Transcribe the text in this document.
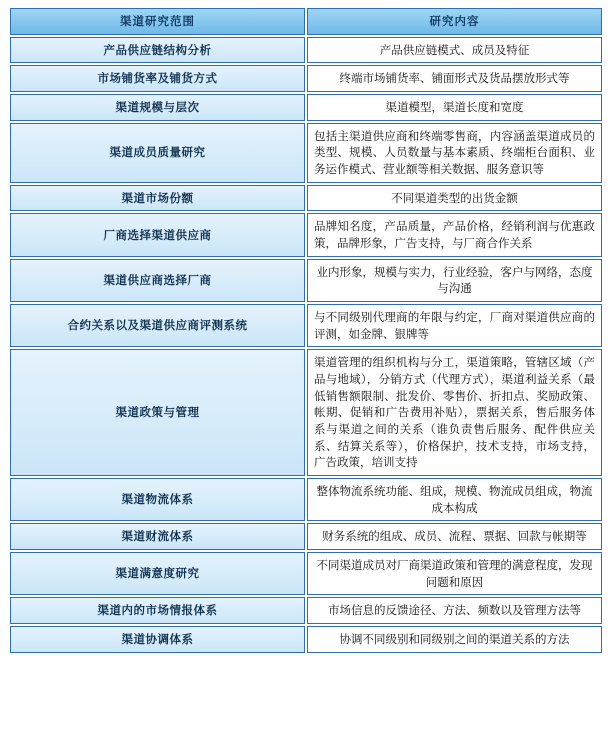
渠道研究范围	研究内容
产品供应链结构分析	产品供应链模式、成员及特征
市场铺货率及铺货方式	终端市场铺货率、铺面形式及货品摆放形式等
渠道规模与层次	渠道模型，渠道长度和宽度
渠道成员质量研究	包括主渠道供应商和终端零售商，内容涵盖渠道成员的类型、规模、人员数量与基本素质、终端柜台面积、业务运作模式、营业额等相关数据、服务意识等
渠道市场份额	不同渠道类型的出货金额
厂商选择渠道供应商	品牌知名度，产品质量，产品价格，经销利润与优惠政策，品牌形象，广告支持，与厂商合作关系
渠道供应商选择厂商	业内形象，规模与实力，行业经验，客户与网络，态度与沟通
合约关系以及渠道供应商评测系统	与不同级别代理商的年限与约定，厂商对渠道供应商的评测，如金牌、银牌等
渠道政策与管理	渠道管理的组织机构与分工，渠道策略，管辖区域（产品与地域），分销方式（代理方式），渠道利益关系（最低销售额限制、批发价、零售价、折扣点、奖励政策、帐期、促销和广告费用补贴），票据关系，售后服务体系与渠道之间的关系（谁负责售后服务、配件供应关系、结算关系等），价格保护，技术支持，市场支持，广告政策，培训支持
渠道物流体系	整体物流系统功能、组成，规模、物流成员组成，物流成本构成
渠道财流体系	财务系统的组成、成员、流程、票据、回款与帐期等
渠道满意度研究	不同渠道成员对厂商渠道政策和管理的满意程度，发现问题和原因
渠道内的市场情报体系	市场信息的反馈途径、方法、频数以及管理方法等
渠道协调体系	协调不同级别和同级别之间的渠道关系的方法
